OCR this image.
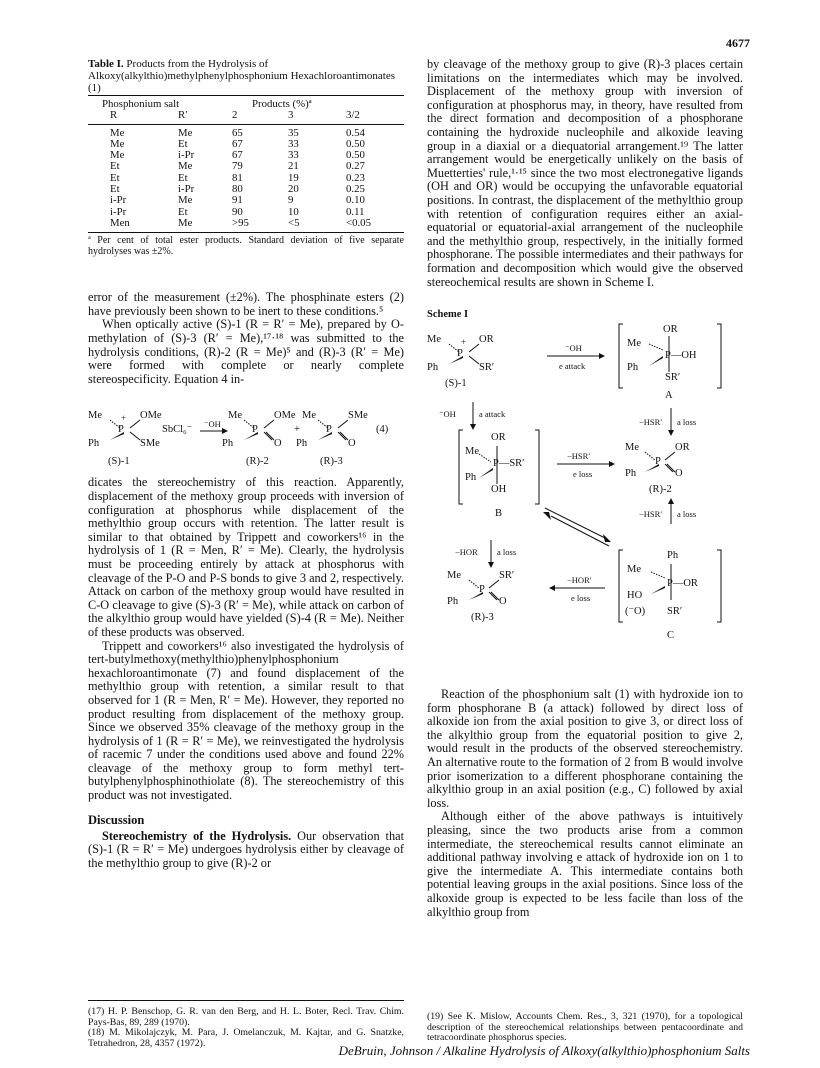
4677
Table I. Products from the Hydrolysis of Alkoxy(alkylthio)methylphenylphosphonium Hexachloroantimonates (1)
Phosphonium salt		Products (%)ª		
R	R′	2	3	3/2
Me	Me	65	35	0.54
Me	Et	67	33	0.50
Me	i-Pr	67	33	0.50
Et	Me	79	21	0.27
Et	Et	81	19	0.23
Et	i-Pr	80	20	0.25
i-Pr	Me	91	9	0.10
i-Pr	Et	90	10	0.11
Men	Me	>95	<5	<0.05
ª Per cent of total ester products. Standard deviation of five separate hydrolyses was ±2%.

error of the measurement (±2%). The phosphinate esters (2) have previously been shown to be inert to these conditions.⁵

When optically active (S)-1 (R = R′ = Me), prepared by O-methylation of (S)-3 (R′ = Me),¹⁷·¹⁸ was submitted to the hydrolysis conditions, (R)-2 (R = Me)⁵ and (R)-3 (R′ = Me) were formed with complete or nearly complete stereospecificity. Equation 4 in-

Me
P
+ OMe
Ph	SMe
SbCl₆⁻ ⁻OH
Me
P
OMe
Ph	O
+
Me
P
SMe
Ph	O
(4)
(S)-1	(R)-2	(R)-3

dicates the stereochemistry of this reaction. Apparently, displacement of the methoxy group proceeds with inversion of configuration at phosphorus while displacement of the methylthio group occurs with retention. The latter result is similar to that obtained by Trippett and coworkers¹⁶ in the hydrolysis of 1 (R = Men, R′ = Me). Clearly, the hydrolysis must be proceeding entirely by attack at phosphorus with cleavage of the P-O and P-S bonds to give 3 and 2, respectively. Attack on carbon of the methoxy group would have resulted in C-O cleavage to give (S)-3 (R′ = Me), while attack on carbon of the alkylthio group would have yielded (S)-4 (R = Me). Neither of these products was observed.

Trippett and coworkers¹⁶ also investigated the hydrolysis of tert-butylmethoxy(methylthio)phenylphosphonium hexachloroantimonate (7) and found displacement of the methylthio group with retention, a similar result to that observed for 1 (R = Men, R′ = Me). However, they reported no product resulting from displacement of the methoxy group. Since we observed 35% cleavage of the methoxy group in the hydrolysis of 1 (R = R′ = Me), we reinvestigated the hydrolysis of racemic 7 under the conditions used above and found 22% cleavage of the methoxy group to form methyl tert-butylphenylphosphinothiolate (8). The stereochemistry of this product was not investigated.

Discussion

Stereochemistry of the Hydrolysis. Our observation that (S)-1 (R = R′ = Me) undergoes hydrolysis either by cleavage of the methylthio group to give (R)-2 or

by cleavage of the methoxy group to give (R)-3 places certain limitations on the intermediates which may be involved. Displacement of the methoxy group with inversion of configuration at phosphorus may, in theory, have resulted from the direct formation and decomposition of a phosphorane containing the hydroxide nucleophile and alkoxide leaving group in a diaxial or a diequatorial arrangement.¹⁹ The latter arrangement would be energetically unlikely on the basis of Muetterties' rule,¹·¹⁵ since the two most electronegative ligands (OH and OR) would be occupying the unfavorable equatorial positions. In contrast, the displacement of the methylthio group with retention of configuration requires either an axial-equatorial or equatorial-axial arrangement of the nucleophile and the methylthio group, respectively, in the initially formed phosphorane. The possible intermediates and their pathways for formation and decomposition which would give the observed stereochemical results are shown in Scheme I.

Scheme I
Me
P
+ OR
Ph	SR′
(S)-1
⁻OH
e attack
OR
Me
P—OH
Ph
SR′
A
⁻OH	a attack
−HSR′ a loss
OR
Me
P—SR′
Ph
OH
B
−HSR′
e loss
Me
P
OR
Ph	O
(R)-2
−HSR′ a loss
−HOR a loss
Me
P
SR′
Ph	O
(R)-3
−HOR′
e loss
Ph
Me
P—OR
HO
(⁻O) SR′
C

Reaction of the phosphonium salt (1) with hydroxide ion to form phosphorane B (a attack) followed by direct loss of alkoxide ion from the axial position to give 3, or direct loss of the alkylthio group from the equatorial position to give 2, would result in the products of the observed stereochemistry. An alternative route to the formation of 2 from B would involve prior isomerization to a different phosphorane containing the alkylthio group in an axial position (e.g., C) followed by axial loss.

Although either of the above pathways is intuitively pleasing, since the two products arise from a common intermediate, the stereochemical results cannot eliminate an additional pathway involving e attack of hydroxide ion on 1 to give the intermediate A. This intermediate contains both potential leaving groups in the axial positions. Since loss of the alkoxide group is expected to be less facile than loss of the alkylthio group from

(17) H. P. Benschop, G. R. van den Berg, and H. L. Boter, Recl. Trav. Chim. Pays-Bas, 89, 289 (1970).
(18) M. Mikolajczyk, M. Para, J. Omelanczuk, M. Kajtar, and G. Snatzke, Tetrahedron, 28, 4357 (1972).
(19) See K. Mislow, Accounts Chem. Res., 3, 321 (1970), for a topological description of the stereochemical relationships between pentacoordinate and tetracoordinate phosphorus species.
DeBruin, Johnson / Alkaline Hydrolysis of Alkoxy(alkylthio)phosphonium Salts
